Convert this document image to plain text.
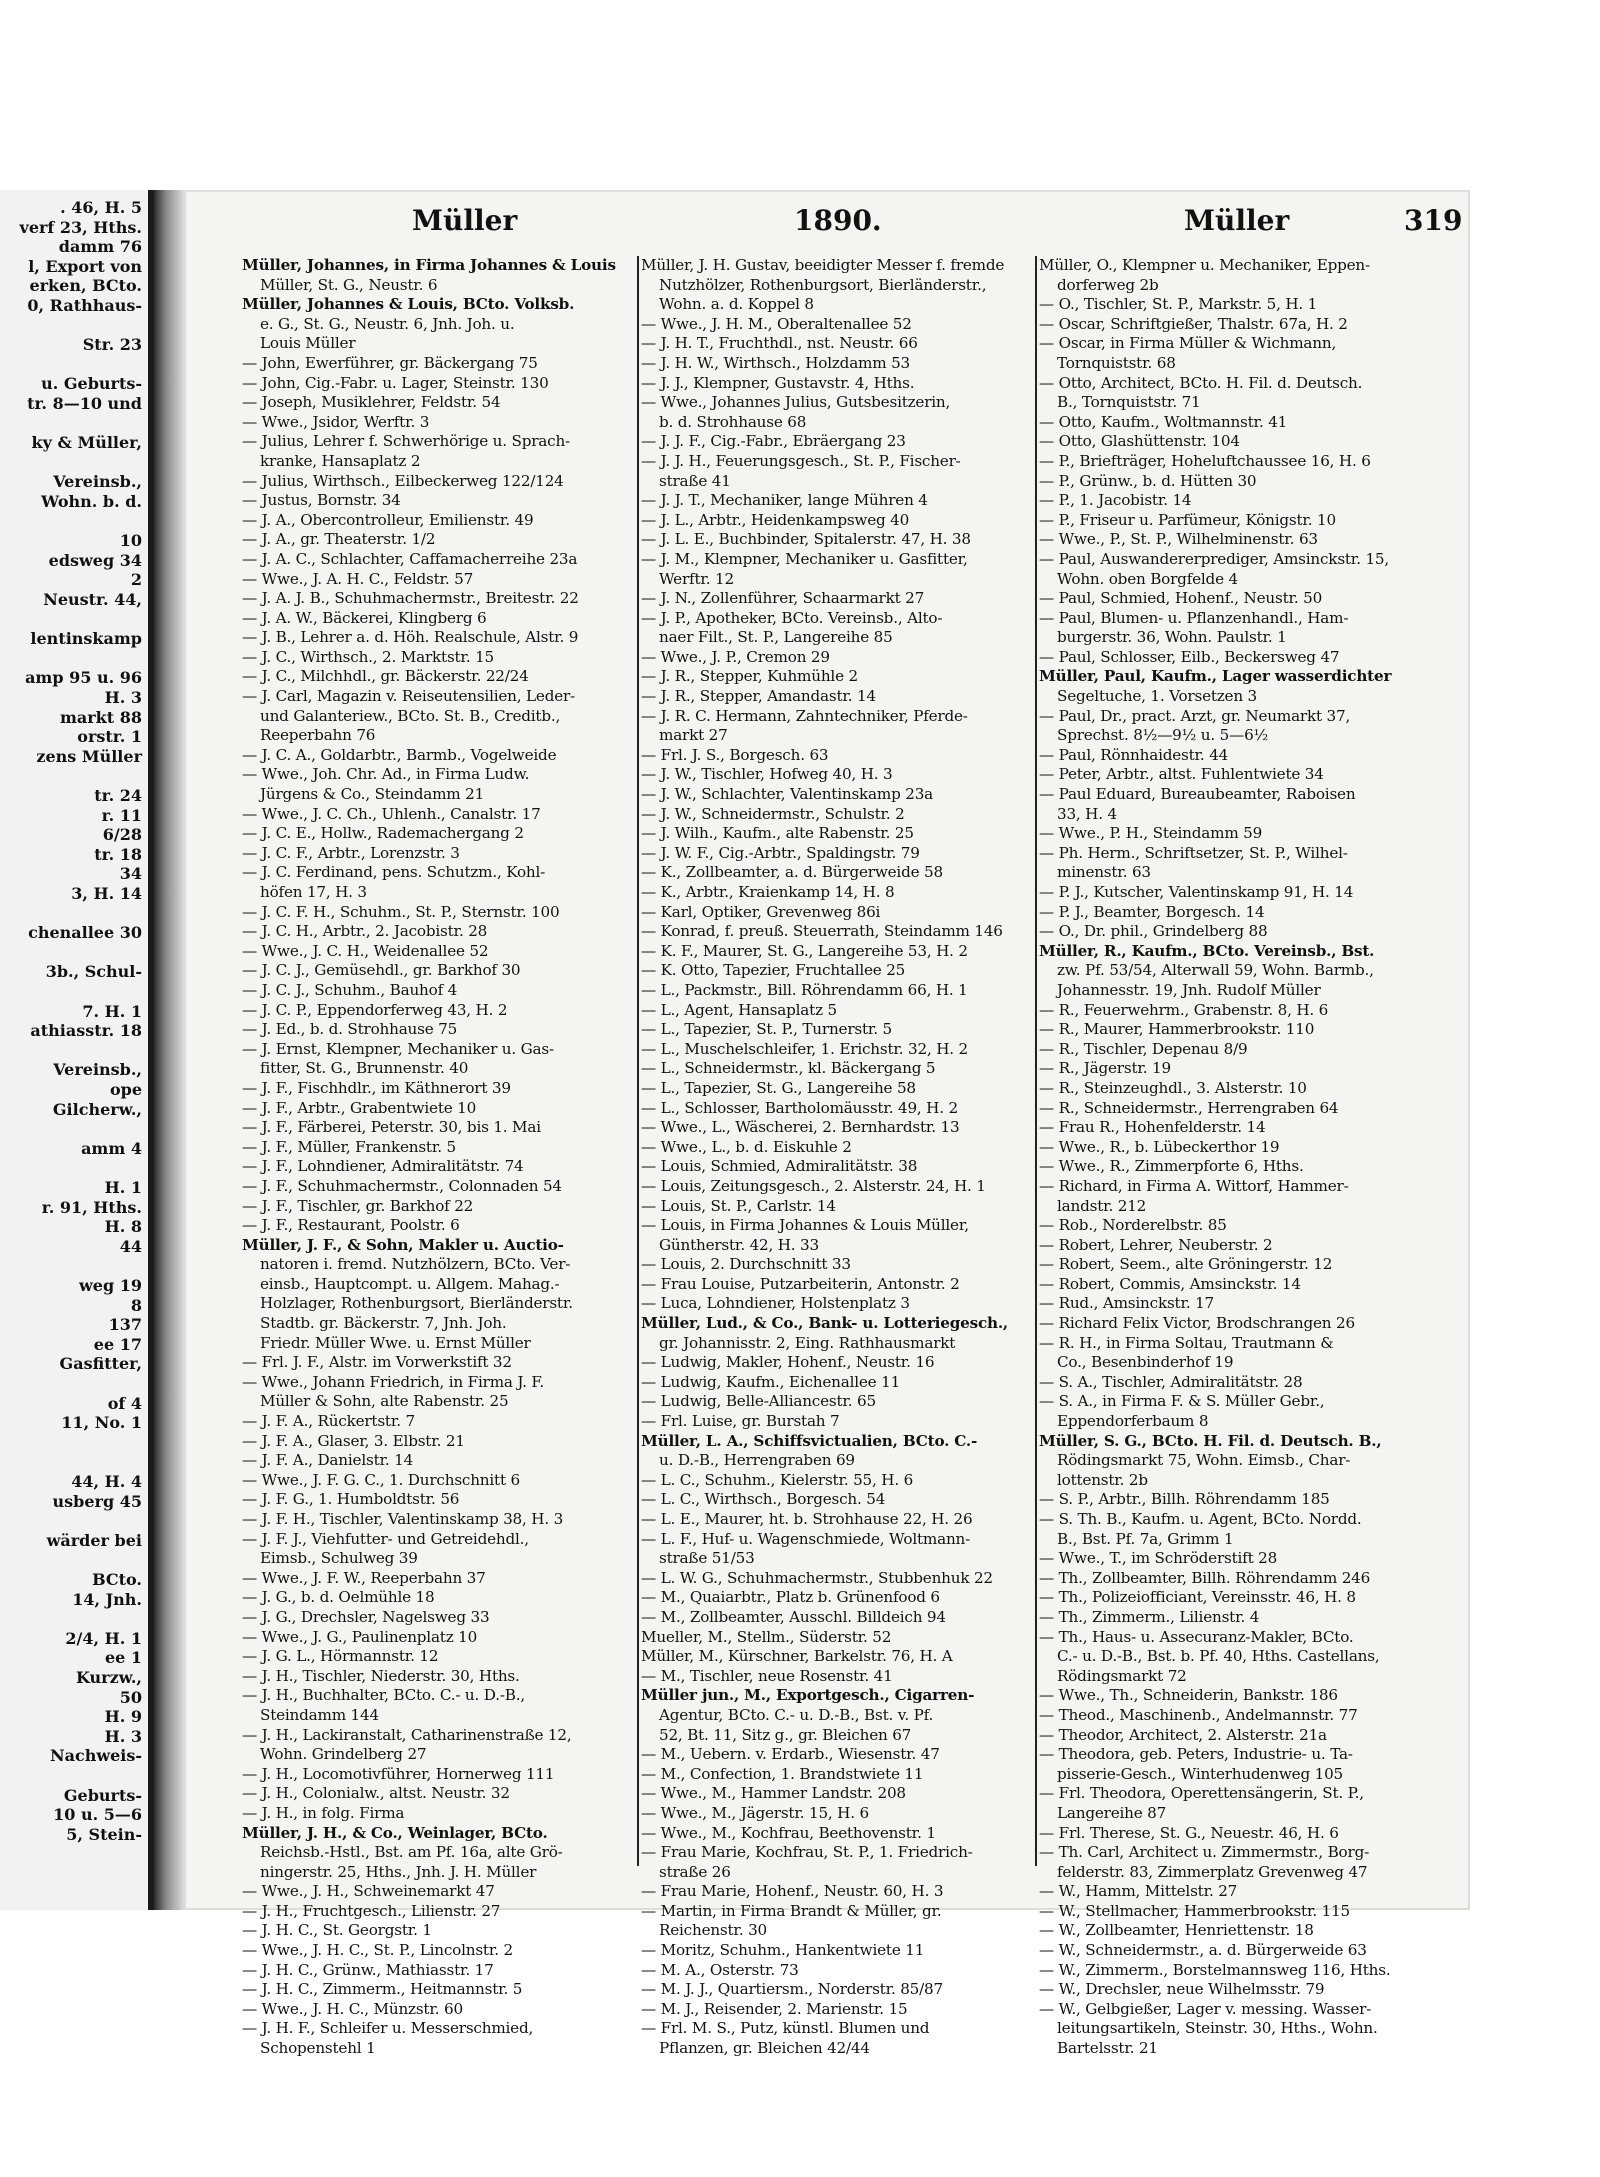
. 46, H. 5
verf 23, Hths.
damm 76
l, Export von
erken, BCto.
0, Rathhaus-
Str. 23
u. Geburts-
tr. 8—10 und
ky & Müller,
Vereinsb.,
Wohn. b. d.
10
edsweg 34
2
Neustr. 44,
lentinskamp
amp 95 u. 96
H. 3
markt 88
orstr. 1
zens Müller
tr. 24
r. 11
6/28
tr. 18
34
3, H. 14
chenallee 30
3b., Schul-
7. H. 1
athiasstr. 18
Vereinsb.,
ope
Gilcherw.,
amm 4
H. 1
r. 91, Hths.
H. 8
44
weg 19
8
137
ee 17
Gasfitter,
of 4
11, No. 1
44, H. 4
usberg 45
wärder bei
BCto.
14, Jnh.
2/4, H. 1
ee 1
Kurzw.,
50
H. 9
H. 3
Nachweis-
Geburts-
10 u. 5—6
5, Stein-
Müller	1890.	Müller	319
Müller, Johannes, in Firma Johannes & Louis
Müller, St. G., Neustr. 6
Müller, Johannes & Louis, BCto. Volksb.
e. G., St. G., Neustr. 6, Jnh. Joh. u.
Louis Müller
— John, Ewerführer, gr. Bäckergang 75
— John, Cig.-Fabr. u. Lager, Steinstr. 130
— Joseph, Musiklehrer, Feldstr. 54
— Wwe., Jsidor, Werftr. 3
— Julius, Lehrer f. Schwerhörige u. Sprach-
kranke, Hansaplatz 2
— Julius, Wirthsch., Eilbeckerweg 122/124
— Justus, Bornstr. 34
— J. A., Obercontrolleur, Emilienstr. 49
— J. A., gr. Theaterstr. 1/2
— J. A. C., Schlachter, Caffamacherreihe 23a
— Wwe., J. A. H. C., Feldstr. 57
— J. A. J. B., Schuhmachermstr., Breitestr. 22
— J. A. W., Bäckerei, Klingberg 6
— J. B., Lehrer a. d. Höh. Realschule, Alstr. 9
— J. C., Wirthsch., 2. Marktstr. 15
— J. C., Milchhdl., gr. Bäckerstr. 22/24
— J. Carl, Magazin v. Reiseutensilien, Leder-
und Galanteriew., BCto. St. B., Creditb.,
Reeperbahn 76
— J. C. A., Goldarbtr., Barmb., Vogelweide
— Wwe., Joh. Chr. Ad., in Firma Ludw.
Jürgens & Co., Steindamm 21
— Wwe., J. C. Ch., Uhlenh., Canalstr. 17
— J. C. E., Hollw., Rademachergang 2
— J. C. F., Arbtr., Lorenzstr. 3
— J. C. Ferdinand, pens. Schutzm., Kohl-
höfen 17, H. 3
— J. C. F. H., Schuhm., St. P., Sternstr. 100
— J. C. H., Arbtr., 2. Jacobistr. 28
— Wwe., J. C. H., Weidenallee 52
— J. C. J., Gemüsehdl., gr. Barkhof 30
— J. C. J., Schuhm., Bauhof 4
— J. C. P., Eppendorferweg 43, H. 2
— J. Ed., b. d. Strohhause 75
— J. Ernst, Klempner, Mechaniker u. Gas-
fitter, St. G., Brunnenstr. 40
— J. F., Fischhdlr., im Käthnerort 39
— J. F., Arbtr., Grabentwiete 10
— J. F., Färberei, Peterstr. 30, bis 1. Mai
— J. F., Müller, Frankenstr. 5
— J. F., Lohndiener, Admiralitätstr. 74
— J. F., Schuhmachermstr., Colonnaden 54
— J. F., Tischler, gr. Barkhof 22
— J. F., Restaurant, Poolstr. 6
Müller, J. F., & Sohn, Makler u. Auctio-
natoren i. fremd. Nutzhölzern, BCto. Ver-
einsb., Hauptcompt. u. Allgem. Mahag.-
Holzlager, Rothenburgsort, Bierländerstr.
Stadtb. gr. Bäckerstr. 7, Jnh. Joh.
Friedr. Müller Wwe. u. Ernst Müller
— Frl. J. F., Alstr. im Vorwerkstift 32
— Wwe., Johann Friedrich, in Firma J. F.
Müller & Sohn, alte Rabenstr. 25
— J. F. A., Rückertstr. 7
— J. F. A., Glaser, 3. Elbstr. 21
— J. F. A., Danielstr. 14
— Wwe., J. F. G. C., 1. Durchschnitt 6
— J. F. G., 1. Humboldtstr. 56
— J. F. H., Tischler, Valentinskamp 38, H. 3
— J. F. J., Viehfutter- und Getreidehdl.,
Eimsb., Schulweg 39
— Wwe., J. F. W., Reeperbahn 37
— J. G., b. d. Oelmühle 18
— J. G., Drechsler, Nagelsweg 33
— Wwe., J. G., Paulinenplatz 10
— J. G. L., Hörmannstr. 12
— J. H., Tischler, Niederstr. 30, Hths.
— J. H., Buchhalter, BCto. C.- u. D.-B.,
Steindamm 144
— J. H., Lackiranstalt, Catharinenstraße 12,
Wohn. Grindelberg 27
— J. H., Locomotivführer, Hornerweg 111
— J. H., Colonialw., altst. Neustr. 32
— J. H., in folg. Firma
Müller, J. H., & Co., Weinlager, BCto.
Reichsb.-Hstl., Bst. am Pf. 16a, alte Grö-
ningerstr. 25, Hths., Jnh. J. H. Müller
— Wwe., J. H., Schweinemarkt 47
— J. H., Fruchtgesch., Lilienstr. 27
— J. H. C., St. Georgstr. 1
— Wwe., J. H. C., St. P., Lincolnstr. 2
— J. H. C., Grünw., Mathiasstr. 17
— J. H. C., Zimmerm., Heitmannstr. 5
— Wwe., J. H. C., Münzstr. 60
— J. H. F., Schleifer u. Messerschmied,
Schopenstehl 1
Müller, J. H. Gustav, beeidigter Messer f. fremde
Nutzhölzer, Rothenburgsort, Bierländerstr.,
Wohn. a. d. Koppel 8
— Wwe., J. H. M., Oberaltenallee 52
— J. H. T., Fruchthdl., nst. Neustr. 66
— J. H. W., Wirthsch., Holzdamm 53
— J. J., Klempner, Gustavstr. 4, Hths.
— Wwe., Johannes Julius, Gutsbesitzerin,
b. d. Strohhause 68
— J. J. F., Cig.-Fabr., Ebräergang 23
— J. J. H., Feuerungsgesch., St. P., Fischer-
straße 41
— J. J. T., Mechaniker, lange Mühren 4
— J. L., Arbtr., Heidenkampsweg 40
— J. L. E., Buchbinder, Spitalerstr. 47, H. 38
— J. M., Klempner, Mechaniker u. Gasfitter,
Werftr. 12
— J. N., Zollenführer, Schaarmarkt 27
— J. P., Apotheker, BCto. Vereinsb., Alto-
naer Filt., St. P., Langereihe 85
— Wwe., J. P., Cremon 29
— J. R., Stepper, Kuhmühle 2
— J. R., Stepper, Amandastr. 14
— J. R. C. Hermann, Zahntechniker, Pferde-
markt 27
— Frl. J. S., Borgesch. 63
— J. W., Tischler, Hofweg 40, H. 3
— J. W., Schlachter, Valentinskamp 23a
— J. W., Schneidermstr., Schulstr. 2
— J. Wilh., Kaufm., alte Rabenstr. 25
— J. W. F., Cig.-Arbtr., Spaldingstr. 79
— K., Zollbeamter, a. d. Bürgerweide 58
— K., Arbtr., Kraienkamp 14, H. 8
— Karl, Optiker, Grevenweg 86i
— Konrad, f. preuß. Steuerrath, Steindamm 146
— K. F., Maurer, St. G., Langereihe 53, H. 2
— K. Otto, Tapezier, Fruchtallee 25
— L., Packmstr., Bill. Röhrendamm 66, H. 1
— L., Agent, Hansaplatz 5
— L., Tapezier, St. P., Turnerstr. 5
— L., Muschelschleifer, 1. Erichstr. 32, H. 2
— L., Schneidermstr., kl. Bäckergang 5
— L., Tapezier, St. G., Langereihe 58
— L., Schlosser, Bartholomäusstr. 49, H. 2
— Wwe., L., Wäscherei, 2. Bernhardstr. 13
— Wwe., L., b. d. Eiskuhle 2
— Louis, Schmied, Admiralitätstr. 38
— Louis, Zeitungsgesch., 2. Alsterstr. 24, H. 1
— Louis, St. P., Carlstr. 14
— Louis, in Firma Johannes & Louis Müller,
Güntherstr. 42, H. 33
— Louis, 2. Durchschnitt 33
— Frau Louise, Putzarbeiterin, Antonstr. 2
— Luca, Lohndiener, Holstenplatz 3
Müller, Lud., & Co., Bank- u. Lotteriegesch.,
gr. Johannisstr. 2, Eing. Rathhausmarkt
— Ludwig, Makler, Hohenf., Neustr. 16
— Ludwig, Kaufm., Eichenallee 11
— Ludwig, Belle-Alliancestr. 65
— Frl. Luise, gr. Burstah 7
Müller, L. A., Schiffsvictualien, BCto. C.-
u. D.-B., Herrengraben 69
— L. C., Schuhm., Kielerstr. 55, H. 6
— L. C., Wirthsch., Borgesch. 54
— L. E., Maurer, ht. b. Strohhause 22, H. 26
— L. F., Huf- u. Wagenschmiede, Woltmann-
straße 51/53
— L. W. G., Schuhmachermstr., Stubbenhuk 22
— M., Quaiarbtr., Platz b. Grünenfood 6
— M., Zollbeamter, Ausschl. Billdeich 94
Mueller, M., Stellm., Süderstr. 52
Müller, M., Kürschner, Barkelstr. 76, H. A
— M., Tischler, neue Rosenstr. 41
Müller jun., M., Exportgesch., Cigarren-
Agentur, BCto. C.- u. D.-B., Bst. v. Pf.
52, Bt. 11, Sitz g., gr. Bleichen 67
— M., Uebern. v. Erdarb., Wiesenstr. 47
— M., Confection, 1. Brandstwiete 11
— Wwe., M., Hammer Landstr. 208
— Wwe., M., Jägerstr. 15, H. 6
— Wwe., M., Kochfrau, Beethovenstr. 1
— Frau Marie, Kochfrau, St. P., 1. Friedrich-
straße 26
— Frau Marie, Hohenf., Neustr. 60, H. 3
— Martin, in Firma Brandt & Müller, gr.
Reichenstr. 30
— Moritz, Schuhm., Hankentwiete 11
— M. A., Osterstr. 73
— M. J. J., Quartiersm., Norderstr. 85/87
— M. J., Reisender, 2. Marienstr. 15
— Frl. M. S., Putz, künstl. Blumen und
Pflanzen, gr. Bleichen 42/44
Müller, O., Klempner u. Mechaniker, Eppen-
dorferweg 2b
— O., Tischler, St. P., Markstr. 5, H. 1
— Oscar, Schriftgießer, Thalstr. 67a, H. 2
— Oscar, in Firma Müller & Wichmann,
Tornquiststr. 68
— Otto, Architect, BCto. H. Fil. d. Deutsch.
B., Tornquiststr. 71
— Otto, Kaufm., Woltmannstr. 41
— Otto, Glashüttenstr. 104
— P., Briefträger, Hoheluftchaussee 16, H. 6
— P., Grünw., b. d. Hütten 30
— P., 1. Jacobistr. 14
— P., Friseur u. Parfümeur, Königstr. 10
— Wwe., P., St. P., Wilhelminenstr. 63
— Paul, Auswandererprediger, Amsinckstr. 15,
Wohn. oben Borgfelde 4
— Paul, Schmied, Hohenf., Neustr. 50
— Paul, Blumen- u. Pflanzenhandl., Ham-
burgerstr. 36, Wohn. Paulstr. 1
— Paul, Schlosser, Eilb., Beckersweg 47
Müller, Paul, Kaufm., Lager wasserdichter
Segeltuche, 1. Vorsetzen 3
— Paul, Dr., pract. Arzt, gr. Neumarkt 37,
Sprechst. 8½—9½ u. 5—6½
— Paul, Rönnhaidestr. 44
— Peter, Arbtr., altst. Fuhlentwiete 34
— Paul Eduard, Bureaubeamter, Raboisen
33, H. 4
— Wwe., P. H., Steindamm 59
— Ph. Herm., Schriftsetzer, St. P., Wilhel-
minenstr. 63
— P. J., Kutscher, Valentinskamp 91, H. 14
— P. J., Beamter, Borgesch. 14
— O., Dr. phil., Grindelberg 88
Müller, R., Kaufm., BCto. Vereinsb., Bst.
zw. Pf. 53/54, Alterwall 59, Wohn. Barmb.,
Johannesstr. 19, Jnh. Rudolf Müller
— R., Feuerwehrm., Grabenstr. 8, H. 6
— R., Maurer, Hammerbrookstr. 110
— R., Tischler, Depenau 8/9
— R., Jägerstr. 19
— R., Steinzeughdl., 3. Alsterstr. 10
— R., Schneidermstr., Herrengraben 64
— Frau R., Hohenfelderstr. 14
— Wwe., R., b. Lübeckerthor 19
— Wwe., R., Zimmerpforte 6, Hths.
— Richard, in Firma A. Wittorf, Hammer-
landstr. 212
— Rob., Norderelbstr. 85
— Robert, Lehrer, Neuberstr. 2
— Robert, Seem., alte Gröningerstr. 12
— Robert, Commis, Amsinckstr. 14
— Rud., Amsinckstr. 17
— Richard Felix Victor, Brodschrangen 26
— R. H., in Firma Soltau, Trautmann &
Co., Besenbinderhof 19
— S. A., Tischler, Admiralitätstr. 28
— S. A., in Firma F. & S. Müller Gebr.,
Eppendorferbaum 8
Müller, S. G., BCto. H. Fil. d. Deutsch. B.,
Rödingsmarkt 75, Wohn. Eimsb., Char-
lottenstr. 2b
— S. P., Arbtr., Billh. Röhrendamm 185
— S. Th. B., Kaufm. u. Agent, BCto. Nordd.
B., Bst. Pf. 7a, Grimm 1
— Wwe., T., im Schröderstift 28
— Th., Zollbeamter, Billh. Röhrendamm 246
— Th., Polizeiofficiant, Vereinsstr. 46, H. 8
— Th., Zimmerm., Lilienstr. 4
— Th., Haus- u. Assecuranz-Makler, BCto.
C.- u. D.-B., Bst. b. Pf. 40, Hths. Castellans,
Rödingsmarkt 72
— Wwe., Th., Schneiderin, Bankstr. 186
— Theod., Maschinenb., Andelmannstr. 77
— Theodor, Architect, 2. Alsterstr. 21a
— Theodora, geb. Peters, Industrie- u. Ta-
pisserie-Gesch., Winterhudenweg 105
— Frl. Theodora, Operettensängerin, St. P.,
Langereihe 87
— Frl. Therese, St. G., Neuestr. 46, H. 6
— Th. Carl, Architect u. Zimmermstr., Borg-
felderstr. 83, Zimmerplatz Grevenweg 47
— W., Hamm, Mittelstr. 27
— W., Stellmacher, Hammerbrookstr. 115
— W., Zollbeamter, Henriettenstr. 18
— W., Schneidermstr., a. d. Bürgerweide 63
— W., Zimmerm., Borstelmannsweg 116, Hths.
— W., Drechsler, neue Wilhelmsstr. 79
— W., Gelbgießer, Lager v. messing. Wasser-
leitungsartikeln, Steinstr. 30, Hths., Wohn.
Bartelsstr. 21
